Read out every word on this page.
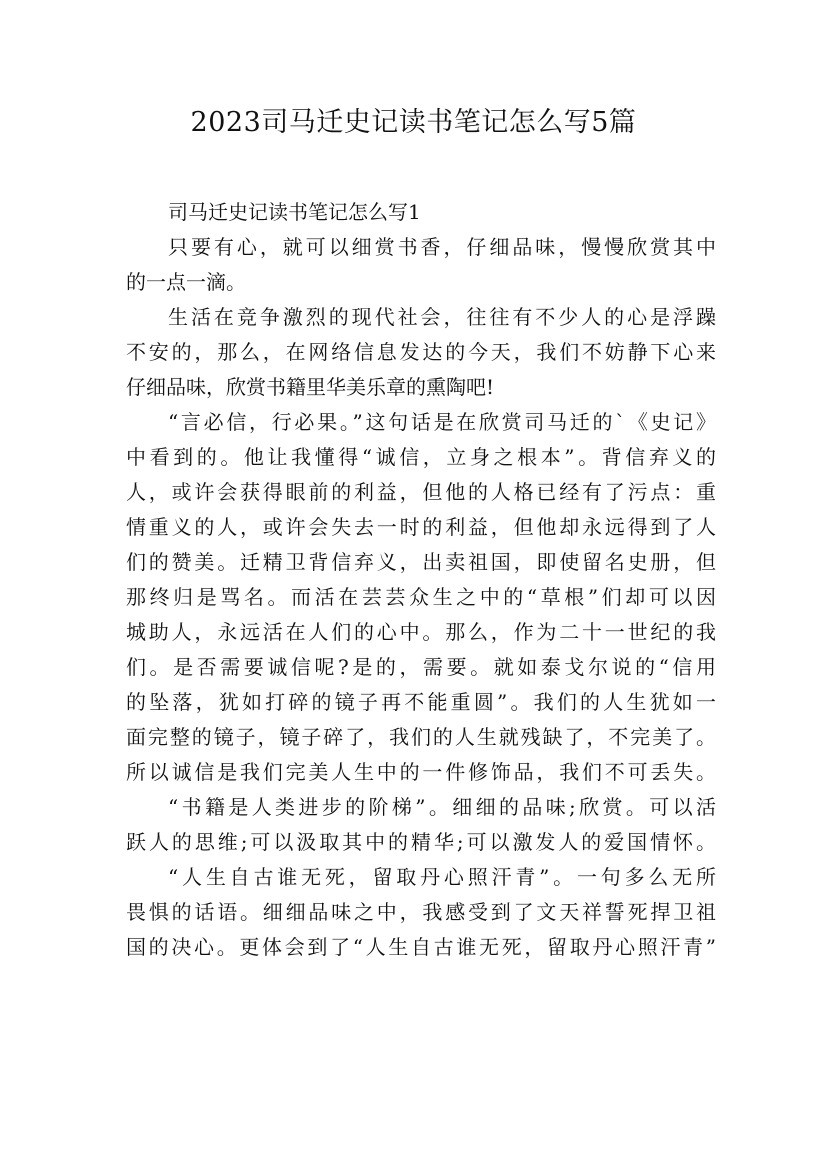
2023司马迁史记读书笔记怎么写5篇
司马迁史记读书笔记怎么写1
只要有心，就可以细赏书香，仔细品味，慢慢欣赏其中
的一点一滴。
生活在竞争激烈的现代社会，往往有不少人的心是浮躁
不安的，那么，在网络信息发达的今天，我们不妨静下心来
仔细品味，欣赏书籍里华美乐章的熏陶吧!
“言必信，行必果。”这句话是在欣赏司马迁的`《史记》
中看到的。他让我懂得“诚信，立身之根本”。背信弃义的
人，或许会获得眼前的利益，但他的人格已经有了污点：重
情重义的人，或许会失去一时的利益，但他却永远得到了人
们的赞美。迁精卫背信弃义，出卖祖国，即使留名史册，但
那终归是骂名。而活在芸芸众生之中的“草根”们却可以因
城助人，永远活在人们的心中。那么，作为二十一世纪的我
们。是否需要诚信呢?是的，需要。就如泰戈尔说的“信用
的坠落，犹如打碎的镜子再不能重圆”。我们的人生犹如一
面完整的镜子，镜子碎了，我们的人生就残缺了，不完美了。
所以诚信是我们完美人生中的一件修饰品，我们不可丢失。
“书籍是人类进步的阶梯”。细细的品味;欣赏。可以活
跃人的思维;可以汲取其中的精华;可以激发人的爱国情怀。
“人生自古谁无死，留取丹心照汗青”。一句多么无所
畏惧的话语。细细品味之中，我感受到了文天祥誓死捍卫祖
国的决心。更体会到了“人生自古谁无死，留取丹心照汗青”
